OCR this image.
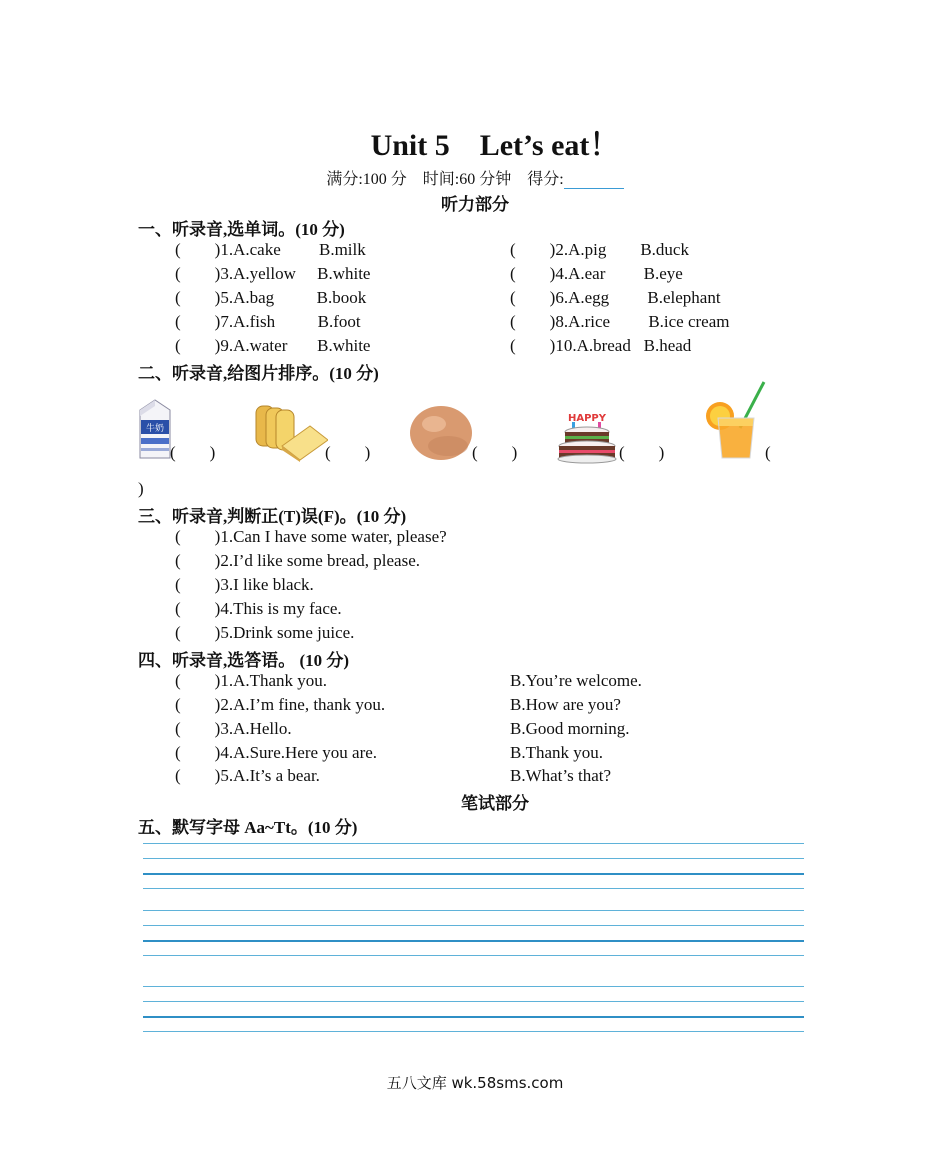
Unit 5　Let’s eat！
满分:100 分 时间:60 分钟 得分:
听力部分
一、听录音,选单词。(10 分)
(        )1.A.cake         B.milk	(        )2.A.pig        B.duck
(        )3.A.yellow     B.white	(        )4.A.ear         B.eye
(        )5.A.bag          B.book	(        )6.A.egg         B.elephant
(        )7.A.fish          B.foot	(        )8.A.rice         B.ice cream
(        )9.A.water       B.white	(        )10.A.bread   B.head
二、听录音,给图片排序。(10 分)
牛奶
HAPPY
(        )	(        )	(        )	(        )	(
)
三、听录音,判断正(T)误(F)。(10 分)
(        )1.Can I have some water, please?
(        )2.I’d like some bread, please.
(        )3.I like black.
(        )4.This is my face.
(        )5.Drink some juice.
四、听录音,选答语。 (10 分)
(        )1.A.Thank you.	B.You’re welcome.
(        )2.A.I’m fine, thank you.	B.How are you?
(        )3.A.Hello.	B.Good morning.
(        )4.A.Sure.Here you are.	B.Thank you.
(        )5.A.It’s a bear.	B.What’s that?
笔试部分
五、默写字母 Aa~Tt。(10 分)
五八文库 wk.58sms.com
